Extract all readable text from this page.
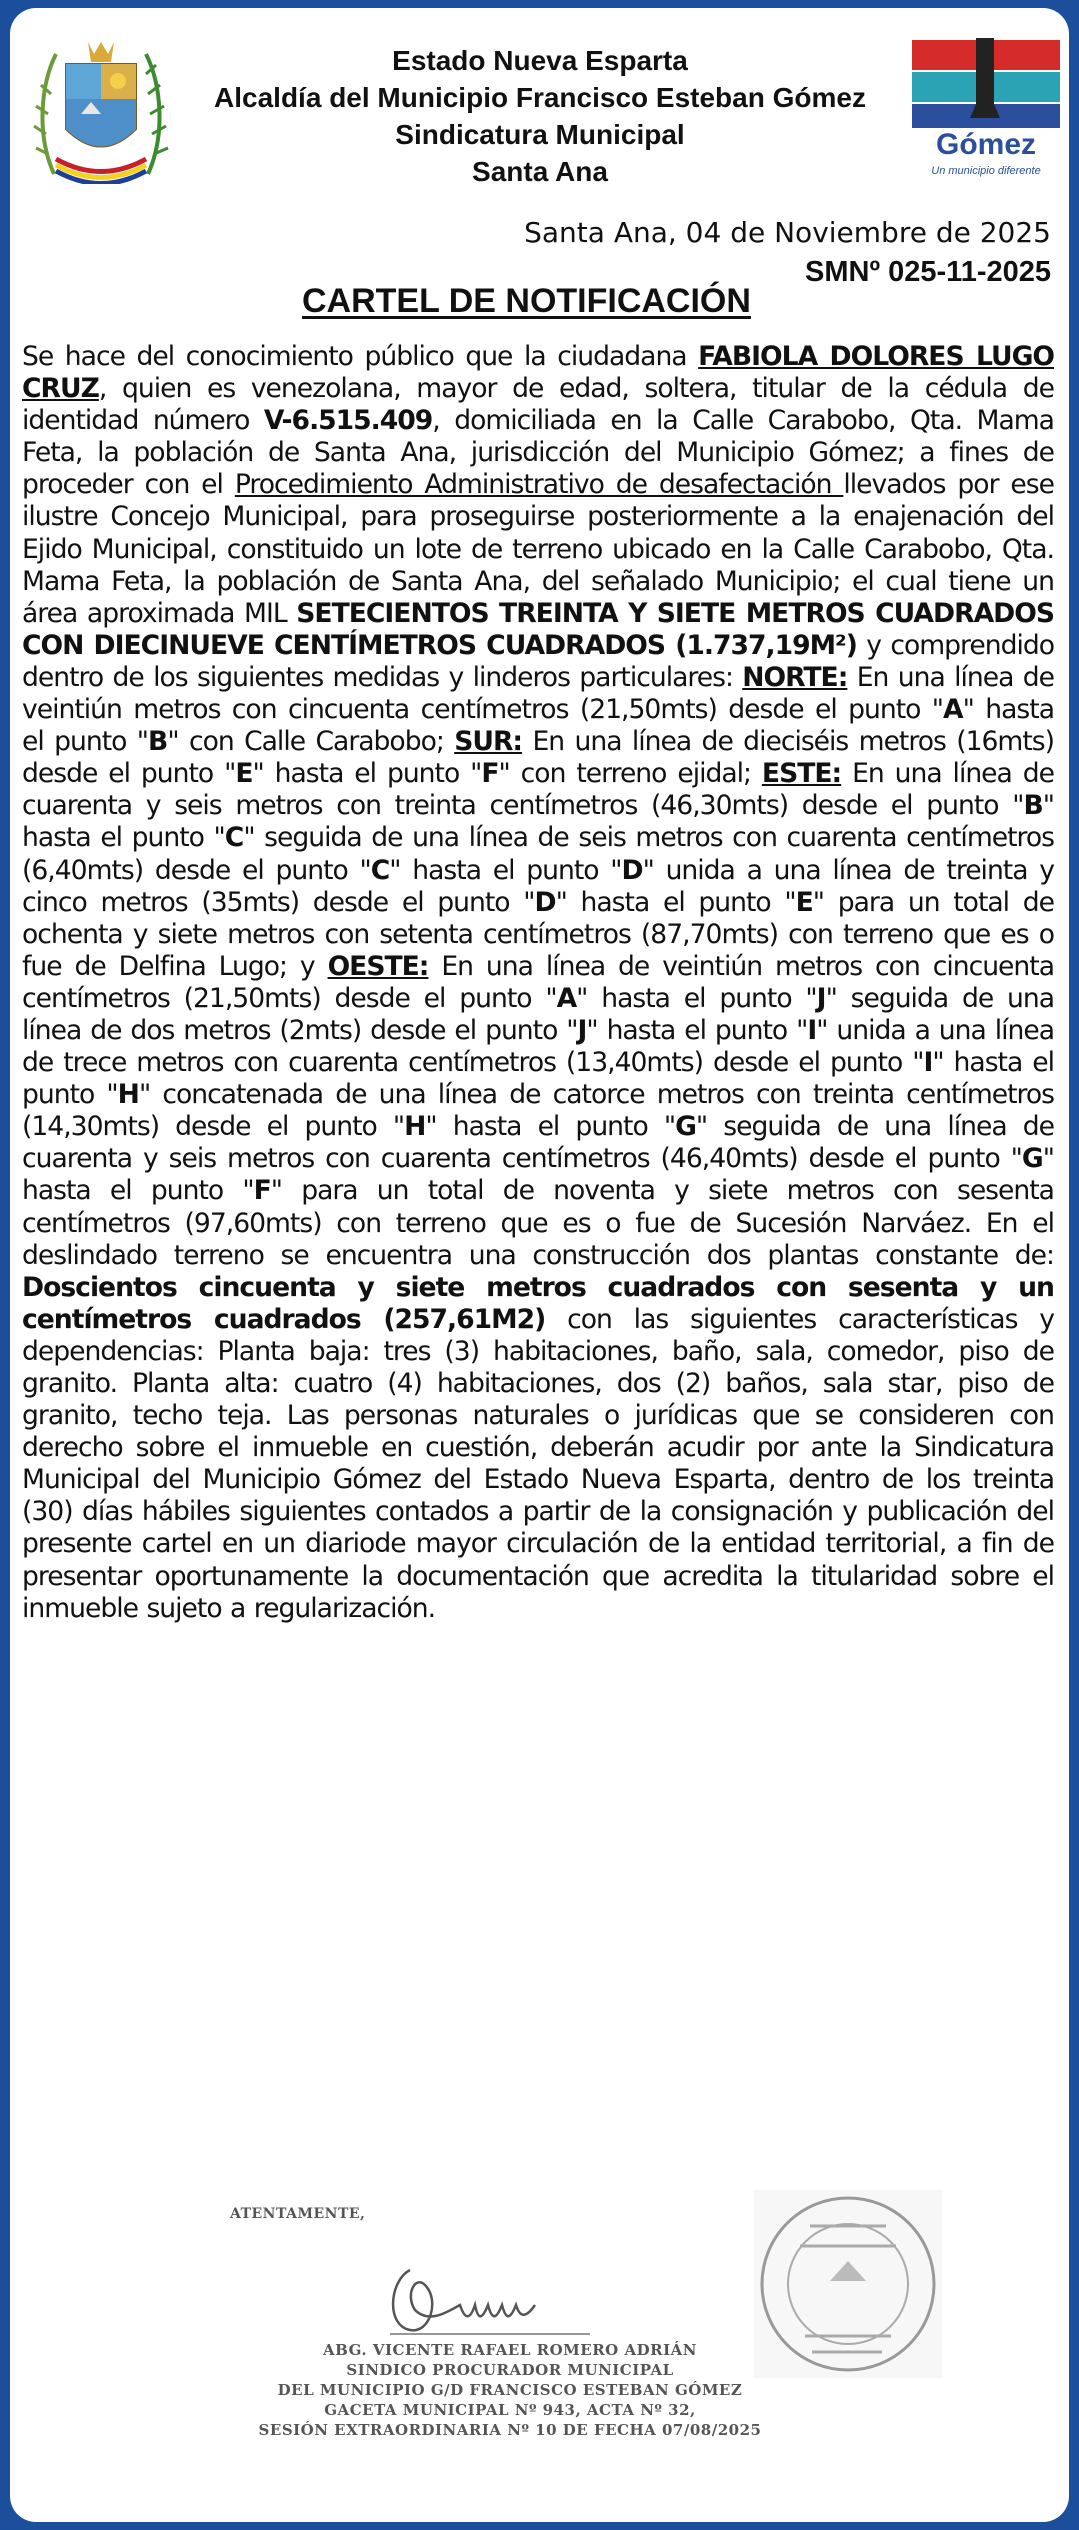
Estado Nueva Esparta
Alcaldía del Municipio Francisco Esteban Gómez
Sindicatura Municipal
Santa Ana
Gómez
Un municipio diferente
Santa Ana, 04 de Noviembre de 2025
SMNº 025-11-2025
CARTEL DE NOTIFICACIÓN
Se hace del conocimiento público que la ciudadana FABIOLA DOLORES LUGO CRUZ, quien es venezolana, mayor de edad, soltera, titular de la cédula de identidad número V-6.515.409, domiciliada en la Calle Carabobo, Qta. Mama Feta, la población de Santa Ana, jurisdicción del Municipio Gómez; a fines de proceder con el Procedimiento Administrativo de desafectación llevados por ese ilustre Concejo Municipal, para proseguirse posteriormente a la enajenación del Ejido Municipal, constituido un lote de terreno ubicado en la Calle Carabobo, Qta. Mama Feta, la población de Santa Ana, del señalado Municipio; el cual tiene un área aproximada MIL SETECIENTOS TREINTA Y SIETE METROS CUADRADOS CON DIECINUEVE CENTÍMETROS CUADRADOS (1.737,19M²) y comprendido dentro de los siguientes medidas y linderos particulares: NORTE: En una línea de veintiún metros con cincuenta centímetros (21,50mts) desde el punto "A" hasta el punto "B" con Calle Carabobo; SUR: En una línea de dieciséis metros (16mts) desde el punto "E" hasta el punto "F" con terreno ejidal; ESTE: En una línea de cuarenta y seis metros con treinta centímetros (46,30mts) desde el punto "B" hasta el punto "C" seguida de una línea de seis metros con cuarenta centímetros (6,40mts) desde el punto "C" hasta el punto "D" unida a una línea de treinta y cinco metros (35mts) desde el punto "D" hasta el punto "E" para un total de ochenta y siete metros con setenta centímetros (87,70mts) con terreno que es o fue de Delfina Lugo; y OESTE: En una línea de veintiún metros con cincuenta centímetros (21,50mts) desde el punto "A" hasta el punto "J" seguida de una línea de dos metros (2mts) desde el punto "J" hasta el punto "I" unida a una línea de trece metros con cuarenta centímetros (13,40mts) desde el punto "I" hasta el punto "H" concatenada de una línea de catorce metros con treinta centímetros (14,30mts) desde el punto "H" hasta el punto "G" seguida de una línea de cuarenta y seis metros con cuarenta centímetros (46,40mts) desde el punto "G" hasta el punto "F" para un total de noventa y siete metros con sesenta centímetros (97,60mts) con terreno que es o fue de Sucesión Narváez. En el deslindado terreno se encuentra una construcción dos plantas constante de: Doscientos cincuenta y siete metros cuadrados con sesenta y un centímetros cuadrados (257,61M2) con las siguientes características y dependencias: Planta baja: tres (3) habitaciones, baño, sala, comedor, piso de granito. Planta alta: cuatro (4) habitaciones, dos (2) baños, sala star, piso de granito, techo teja. Las personas naturales o jurídicas que se consideren con derecho sobre el inmueble en cuestión, deberán acudir por ante la Sindicatura Municipal del Municipio Gómez del Estado Nueva Esparta, dentro de los treinta (30) días hábiles siguientes contados a partir de la consignación y publicación del presente cartel en un diariode mayor circulación de la entidad territorial, a fin de presentar oportunamente la documentación que acredita la titularidad sobre el inmueble sujeto a regularización.
ATENTAMENTE,
ABG. VICENTE RAFAEL ROMERO ADRIÁN
SINDICO PROCURADOR MUNICIPAL
DEL MUNICIPIO G/D FRANCISCO ESTEBAN GÓMEZ
GACETA MUNICIPAL Nº 943, ACTA Nº 32,
SESIÓN EXTRAORDINARIA Nº 10 DE FECHA 07/08/2025
